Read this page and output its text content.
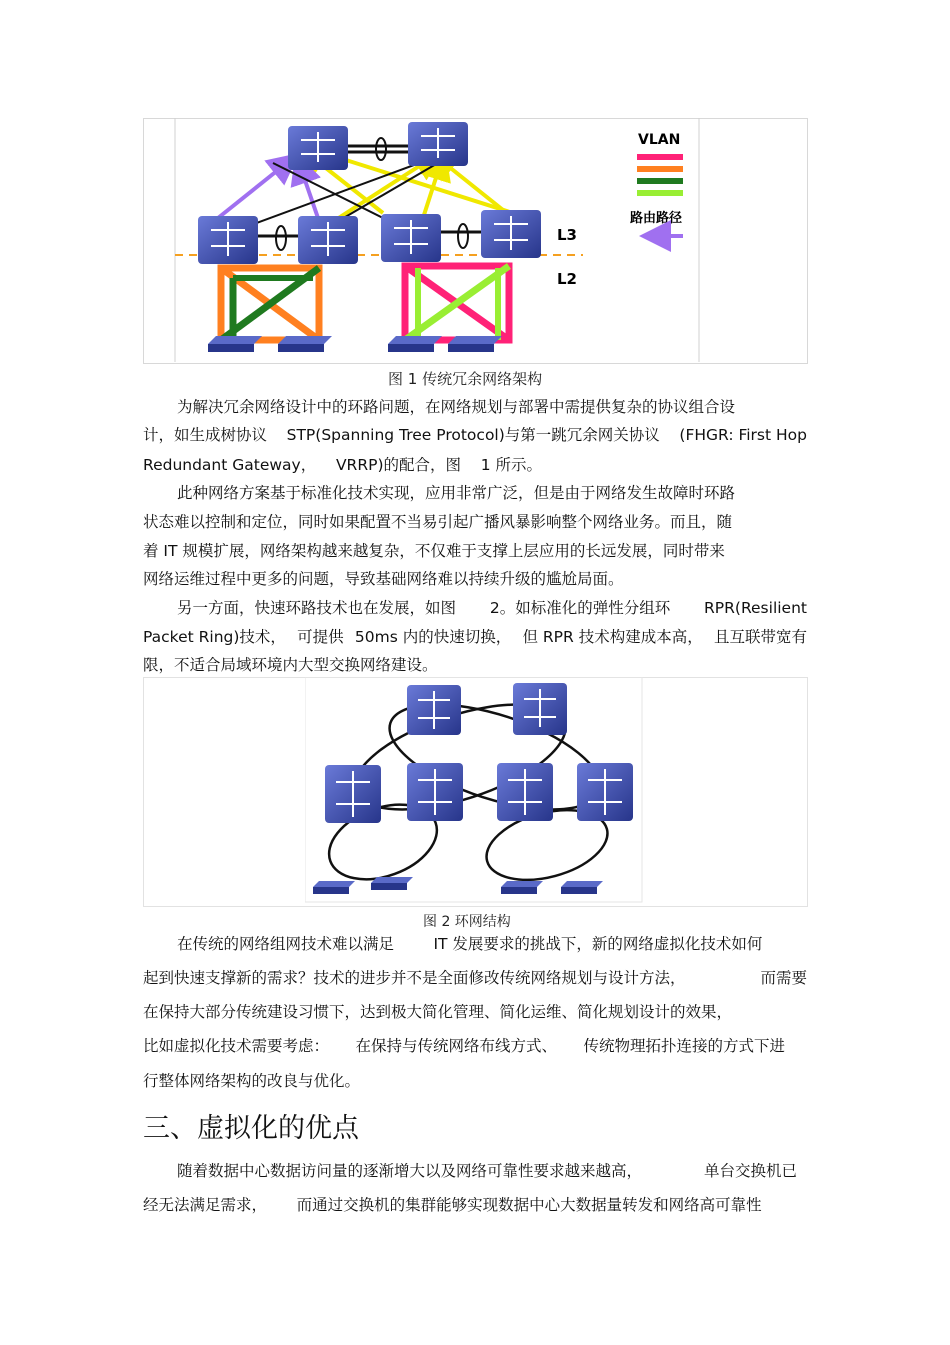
L3
L2
VLAN
路由路径
图 1 传统冗余网络架构
为解决冗余网络设计中的环路问题，在网络规划与部署中需提供复杂的协议组合设
计，如生成树协议 STP(Spanning Tree Protocol)与第一跳冗余网关协议 (FHGR: First Hop
Redundant Gateway， VRRP)的配合，图 1 所示。
此种网络方案基于标准化技术实现，应用非常广泛，但是由于网络发生故障时环路
状态难以控制和定位，同时如果配置不当易引起广播风暴影响整个网络业务。而且，随
着 IT 规模扩展，网络架构越来越复杂，不仅难于支撑上层应用的长远发展，同时带来
网络运维过程中更多的问题，导致基础网络难以持续升级的尴尬局面。
另一方面，快速环路技术也在发展，如图 2。如标准化的弹性分组环 RPR(Resilient
Packet Ring)技术， 可提供 50ms 内的快速切换， 但 RPR 技术构建成本高， 且互联带宽有
限，不适合局域环境内大型交换网络建设。
图 2 环网结构
在传统的网络组网技术难以满足	IT 发展要求的挑战下，新的网络虚拟化技术如何
起到快速支撑新的需求？技术的进步并不是全面修改传统网络规划与设计方法，	而需要
在保持大部分传统建设习惯下，达到极大简化管理、简化运维、简化规划设计的效果，
比如虚拟化技术需要考虑： 在保持与传统网络布线方式、 传统物理拓扑连接的方式下进
行整体网络架构的改良与优化。
三、虚拟化的优点
随着数据中心数据访问量的逐渐增大以及网络可靠性要求越来越高，	单台交换机已
经无法满足需求， 而通过交换机的集群能够实现数据中心大数据量转发和网络高可靠性
